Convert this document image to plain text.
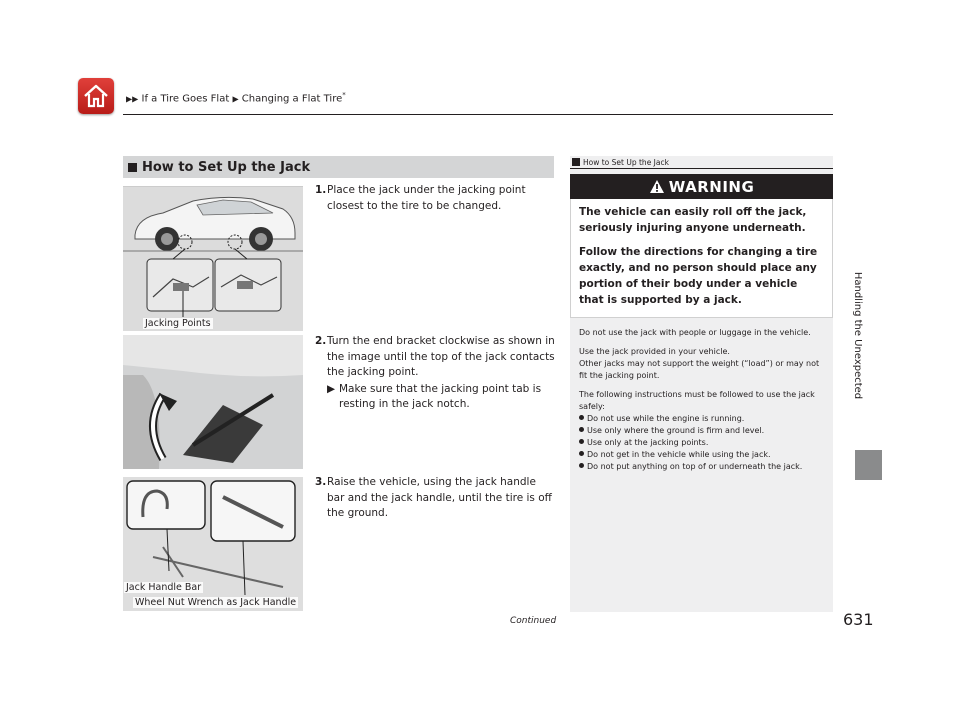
▶▶ If a Tire Goes Flat ▶ Changing a Flat Tire*
Handling the Unexpected
631
Continued
How to Set Up the Jack
Jacking Points
Jack Handle Bar
Wheel Nut Wrench as Jack Handle
1. Place the jack under the jacking point closest to the tire to be changed.
2. Turn the end bracket clockwise as shown in the image until the top of the jack contacts the jacking point.
▶ Make sure that the jacking point tab is resting in the jack notch.
3. Raise the vehicle, using the jack handle bar and the jack handle, until the tire is off the ground.
How to Set Up the Jack
WARNING

The vehicle can easily roll off the jack, seriously injuring anyone underneath.

Follow the directions for changing a tire exactly, and no person should place any portion of their body under a vehicle that is supported by a jack.

Do not use the jack with people or luggage in the vehicle.

Use the jack provided in your vehicle.
Other jacks may not support the weight (“load”) or may not fit the jacking point.

The following instructions must be followed to use the jack safely:

Do not use while the engine is running.
Use only where the ground is firm and level.
Use only at the jacking points.
Do not get in the vehicle while using the jack.
Do not put anything on top of or underneath the jack.
